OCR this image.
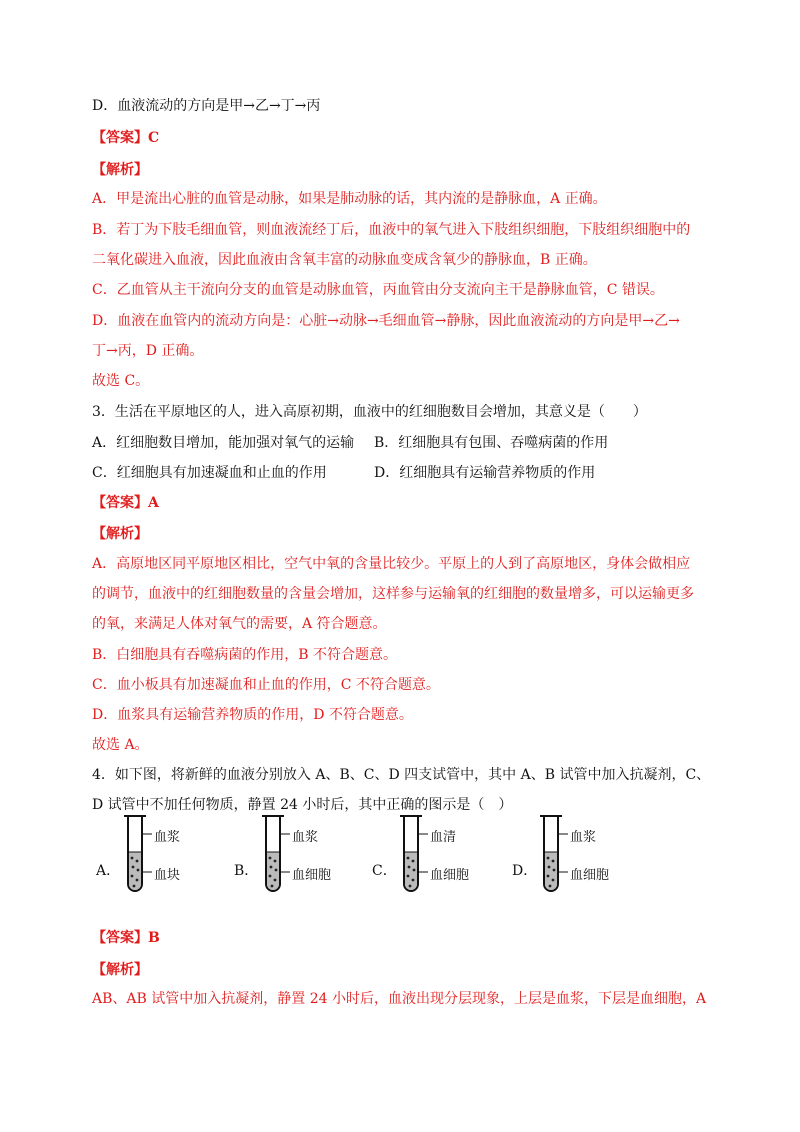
D．血液流动的方向是甲→乙→丁→丙
【答案】C
【解析】
A．甲是流出心脏的血管是动脉，如果是肺动脉的话，其内流的是静脉血，A 正确。
B．若丁为下肢毛细血管，则血液流经丁后，血液中的氧气进入下肢组织细胞，下肢组织细胞中的
二氧化碳进入血液，因此血液由含氧丰富的动脉血变成含氧少的静脉血，B 正确。
C．乙血管从主干流向分支的血管是动脉血管，丙血管由分支流向主干是静脉血管，C 错误。
D．血液在血管内的流动方向是：心脏→动脉→毛细血管→静脉，因此血液流动的方向是甲→乙→
丁→丙，D 正确。
故选 C。
3．生活在平原地区的人，进入高原初期，血液中的红细胞数目会增加，其意义是（　　）
A．红细胞数目增加，能加强对氧气的运输 B．红细胞具有包围、吞噬病菌的作用
C．红细胞具有加速凝血和止血的作用	D．红细胞具有运输营养物质的作用
【答案】A
【解析】
A．高原地区同平原地区相比，空气中氧的含量比较少。平原上的人到了高原地区，身体会做相应
的调节，血液中的红细胞数量的含量会增加，这样参与运输氧的红细胞的数量增多，可以运输更多
的氧，来满足人体对氧气的需要，A 符合题意。
B．白细胞具有吞噬病菌的作用，B 不符合题意。
C．血小板具有加速凝血和止血的作用，C 不符合题意。
D．血浆具有运输营养物质的作用，D 不符合题意。
故选 A。
4．如下图，将新鲜的血液分别放入 A、B、C、D 四支试管中，其中 A、B 试管中加入抗凝剂，C、
D 试管中不加任何物质，静置 24 小时后，其中正确的图示是（　）
A．
血浆
血块	B．
血浆
血细胞	C．
血清
血细胞	D．
血浆
血细胞
【答案】B
【解析】
AB、AB 试管中加入抗凝剂，静置 24 小时后，血液出现分层现象，上层是血浆，下层是血细胞，A
